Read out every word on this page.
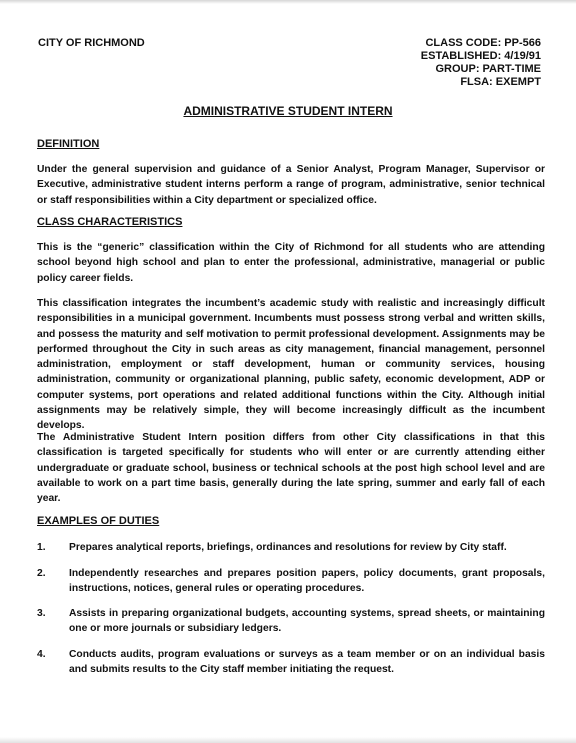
CITY OF RICHMOND	CLASS CODE: PP-566
ESTABLISHED: 4/19/91
GROUP: PART-TIME
FLSA: EXEMPT
ADMINISTRATIVE STUDENT INTERN
DEFINITION
Under the general supervision and guidance of a Senior Analyst, Program Manager, Supervisor or Executive, administrative student interns perform a range of program, administrative, senior technical or staff responsibilities within a City department or specialized office.
CLASS CHARACTERISTICS
This is the “generic” classification within the City of Richmond for all students who are attending school beyond high school and plan to enter the professional, administrative, managerial or public policy career fields.
This classification integrates the incumbent’s academic study with realistic and increasingly difficult responsibilities in a municipal government. Incumbents must possess strong verbal and written skills, and possess the maturity and self motivation to permit professional development. Assignments may be performed throughout the City in such areas as city management, financial management, personnel administration, employment or staff development, human or community services, housing administration, community or organizational planning, public safety, economic development, ADP or computer systems, port operations and related additional functions within the City. Although initial assignments may be relatively simple, they will become increasingly difficult as the incumbent develops.
The Administrative Student Intern position differs from other City classifications in that this classification is targeted specifically for students who will enter or are currently attending either undergraduate or graduate school, business or technical schools at the post high school level and are available to work on a part time basis, generally during the late spring, summer and early fall of each year.
EXAMPLES OF DUTIES
1.	Prepares analytical reports, briefings, ordinances and resolutions for review by City staff.
2.	Independently researches and prepares position papers, policy documents, grant proposals, instructions, notices, general rules or operating procedures.
3.	Assists in preparing organizational budgets, accounting systems, spread sheets, or maintaining one or more journals or subsidiary ledgers.
4.	Conducts audits, program evaluations or surveys as a team member or on an individual basis and submits results to the City staff member initiating the request.
